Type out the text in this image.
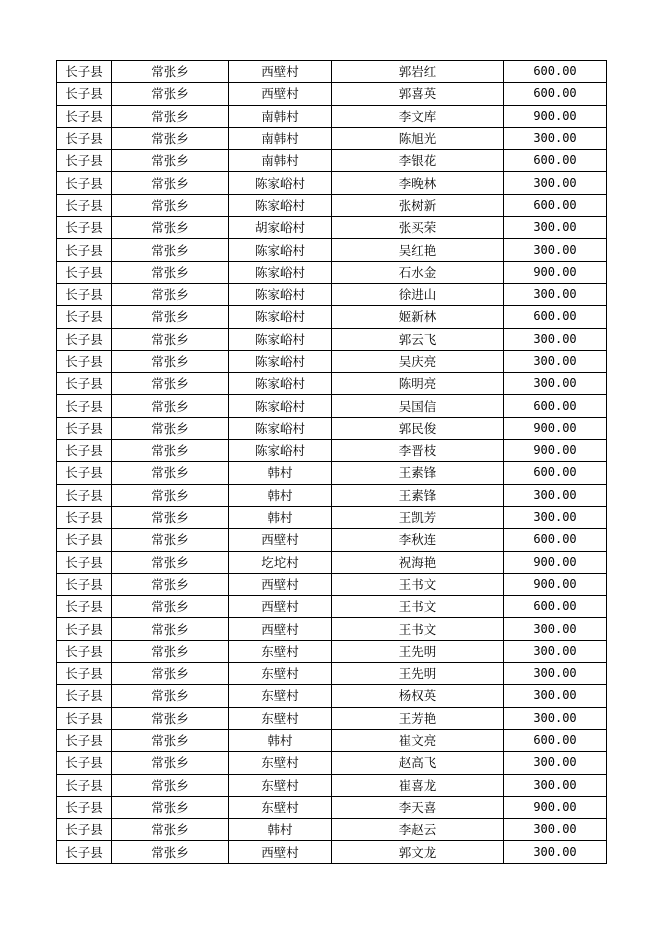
长子县	常张乡	西壁村	郭岩红	600.00
长子县	常张乡	西壁村	郭喜英	600.00
长子县	常张乡	南韩村	李文库	900.00
长子县	常张乡	南韩村	陈旭光	300.00
长子县	常张乡	南韩村	李银花	600.00
长子县	常张乡	陈家峪村	李晚林	300.00
长子县	常张乡	陈家峪村	张树新	600.00
长子县	常张乡	胡家峪村	张买荣	300.00
长子县	常张乡	陈家峪村	吴红艳	300.00
长子县	常张乡	陈家峪村	石水金	900.00
长子县	常张乡	陈家峪村	徐进山	300.00
长子县	常张乡	陈家峪村	姬新林	600.00
长子县	常张乡	陈家峪村	郭云飞	300.00
长子县	常张乡	陈家峪村	吴庆亮	300.00
长子县	常张乡	陈家峪村	陈明亮	300.00
长子县	常张乡	陈家峪村	吴国信	600.00
长子县	常张乡	陈家峪村	郭民俊	900.00
长子县	常张乡	陈家峪村	李晋枝	900.00
长子县	常张乡	韩村	王素锋	600.00
长子县	常张乡	韩村	王素锋	300.00
长子县	常张乡	韩村	王凯芳	300.00
长子县	常张乡	西壁村	李秋连	600.00
长子县	常张乡	圪坨村	祝海艳	900.00
长子县	常张乡	西壁村	王书文	900.00
长子县	常张乡	西壁村	王书文	600.00
长子县	常张乡	西壁村	王书文	300.00
长子县	常张乡	东壁村	王先明	300.00
长子县	常张乡	东壁村	王先明	300.00
长子县	常张乡	东壁村	杨权英	300.00
长子县	常张乡	东壁村	王芳艳	300.00
长子县	常张乡	韩村	崔文亮	600.00
长子县	常张乡	东壁村	赵高飞	300.00
长子县	常张乡	东壁村	崔喜龙	300.00
长子县	常张乡	东壁村	李天喜	900.00
长子县	常张乡	韩村	李赵云	300.00
长子县	常张乡	西壁村	郭文龙	300.00
